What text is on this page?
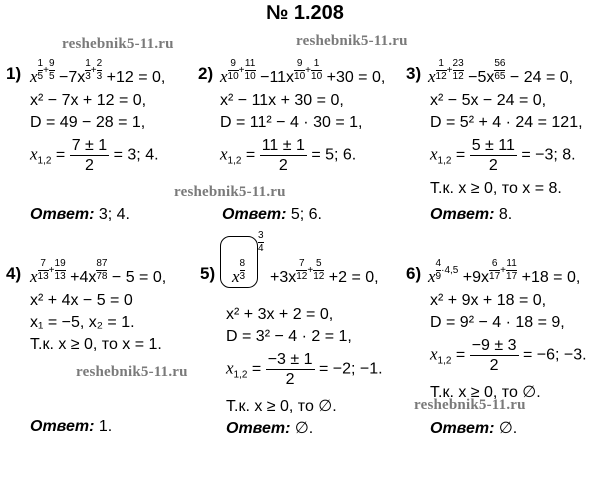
№ 1.208
reshebnik5-11.ru	reshebnik5-11.ru
reshebnik5-11.ru
reshebnik5-11.ru
reshebnik5-11.ru
1) x $^{\frac{1}{5} + \frac{9}{5}}$ −7x $^{\frac{1}{3} + \frac{2}{3}}$ +12 = 0,
x² − 7x + 12 = 0,
D = 49 − 28 = 1,
$x_{1,2} = \frac{7 \pm 1}{2} = 3$; 4.
Ответ: 3; 4.
2) x $^{\frac{9}{10} + \frac{11}{10}}$ −11x $^{\frac{9}{10} + \frac{1}{10}}$ +30 = 0,
x² − 11x + 30 = 0,
D = 11² − 4 · 30 = 1,
$x_{1,2} = \frac{11 \pm 1}{2} = 5$; 6.
Ответ: 5; 6.
3) x $^{\frac{1}{12} + \frac{23}{12}}$ −5x $^{\frac{5}{6} \frac{6}{5}}$ − 24 = 0,
x² − 5x − 24 = 0,
D = 5² + 4 · 24 = 121,
$x_{1,2} = \frac{5 \pm 11}{2} = -3$; 8.
Т.к. x ≥ 0, то x = 8.
Ответ: 8.
4) x $^{\frac{7}{13} + \frac{19}{13}}$ +4x $^{\frac{8}{7} \frac{7}{8}}$ − 5 = 0,
x² + 4x − 5 = 0
x₁ = −5, x₂ = 1.
Т.к. x ≥ 0, то x = 1.
Ответ: 1.
5) x $^{\frac{8}{3}}$
$\frac{3}{4}$
+3x $^{\frac{7}{12} + \frac{5}{12}}$ +2 = 0,
x² + 3x + 2 = 0,
D = 3² − 4 · 2 = 1,
$x_{1,2} = \frac{-3 \pm 1}{2} = -2$; −1.
Т.к. x ≥ 0, то ∅.
Ответ: ∅.
6) x $^{\frac{4}{9} \cdot 4,5}$ +9x $^{\frac{6}{17} + \frac{11}{17}}$ +18 = 0,
x² + 9x + 18 = 0,
D = 9² − 4 · 18 = 9,
$x_{1,2} = \frac{-9 \pm 3}{2} = -6$; −3.
Т.к. x ≥ 0, то ∅.
Ответ: ∅.
